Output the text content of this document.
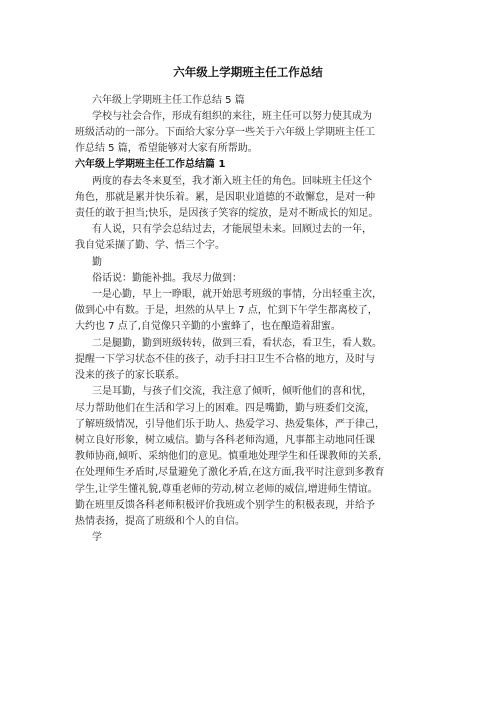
六年级上学期班主任工作总结
六年级上学期班主任工作总结 5 篇
学校与社会合作，形成有组织的来往，班主任可以努力使其成为
班级活动的一部分。下面给大家分享一些关于六年级上学期班主任工
作总结 5 篇，希望能够对大家有所帮助。
六年级上学期班主任工作总结篇 1
两度的春去冬来夏至，我才渐入班主任的角色。回味班主任这个
角色，那就是累并快乐着。累，是因职业道德的不敢懈怠，是对一种
责任的敢于担当;快乐，是因孩子笑容的绽放，是对不断成长的知足。
有人说，只有学会总结过去，才能展望未来。回顾过去的一年，
我自觉采撷了勤、学、悟三个字。
勤
俗话说：勤能补拙。我尽力做到：
一是心勤，早上一睁眼，就开始思考班级的事情，分出轻重主次，
做到心中有数。于是，坦然的从早上 7 点，忙到下午学生都离校了，
大约也 7 点了,自觉像只辛勤的小蜜蜂了，也在酿造着甜蜜。
二是腿勤，勤到班级转转，做到三看，看状态，看卫生，看人数。
提醒一下学习状态不佳的孩子，动手扫扫卫生不合格的地方，及时与
没来的孩子的家长联系。
三是耳勤，与孩子们交流，我注意了倾听，倾听他们的喜和忧，
尽力帮助他们在生活和学习上的困难。四是嘴勤，勤与班委们交流，
了解班级情况，引导他们乐于助人、热爱学习、热爱集体，严于律己，
树立良好形象，树立威信。勤与各科老师沟通，凡事都主动地同任课
教师协商,倾听、采纳他们的意见。慎重地处理学生和任课教师的关系,
在处理师生矛盾时,尽量避免了激化矛盾,在这方面,我平时注意到多教育
学生,让学生懂礼貌,尊重老师的劳动,树立老师的威信,增进师生情谊。
勤在班里反馈各科老师积极评价我班或个别学生的积极表现，并给予
热情表扬，提高了班级和个人的自信。
学
